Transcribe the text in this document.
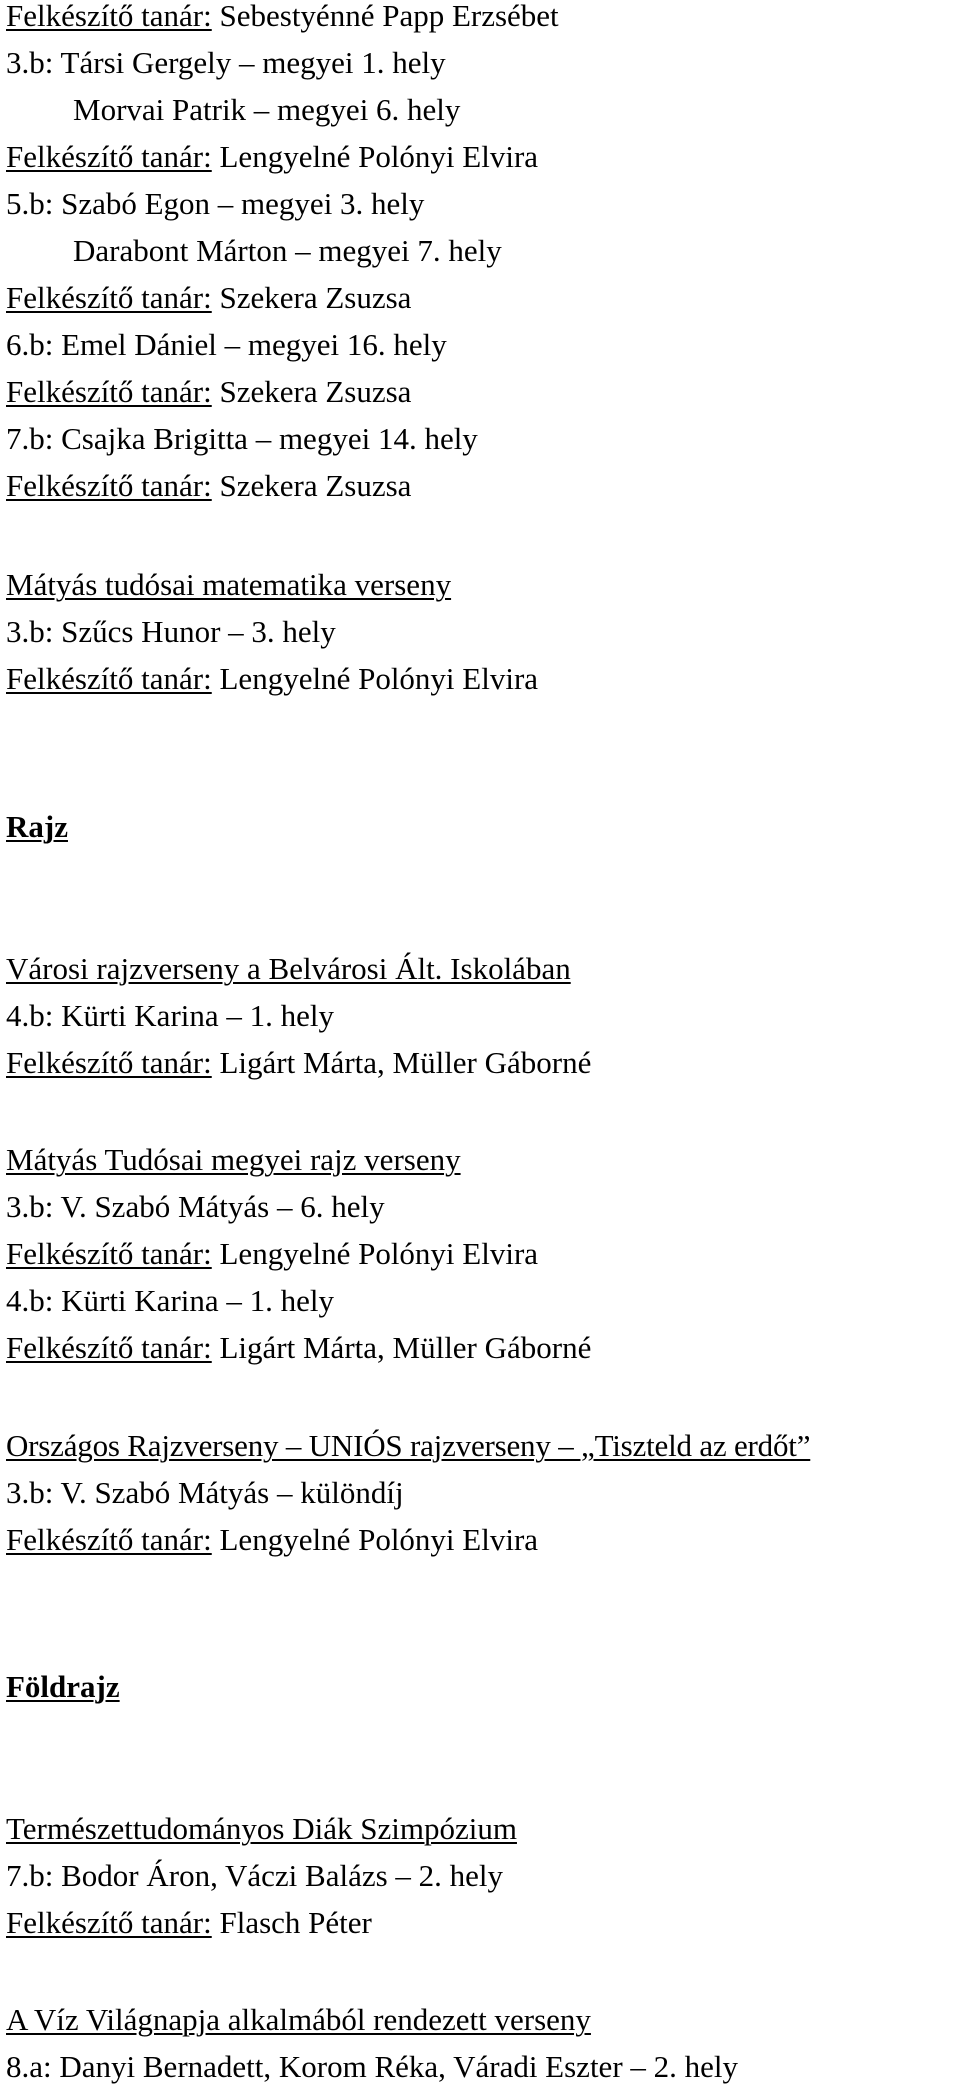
Felkészítő tanár: Sebestyénné Papp Erzsébet
3.b: Társi Gergely – megyei 1. hely
Morvai Patrik – megyei 6. hely
Felkészítő tanár: Lengyelné Polónyi Elvira
5.b: Szabó Egon – megyei 3. hely
Darabont Márton – megyei 7. hely
Felkészítő tanár: Szekera Zsuzsa
6.b: Emel Dániel – megyei 16. hely
Felkészítő tanár: Szekera Zsuzsa
7.b: Csajka Brigitta – megyei 14. hely
Felkészítő tanár: Szekera Zsuzsa
Mátyás tudósai matematika verseny
3.b: Szűcs Hunor – 3. hely
Felkészítő tanár: Lengyelné Polónyi Elvira
Rajz
Városi rajzverseny a Belvárosi Ált. Iskolában
4.b: Kürti Karina – 1. hely
Felkészítő tanár: Ligárt Márta, Müller Gáborné
Mátyás Tudósai megyei rajz verseny
3.b: V. Szabó Mátyás – 6. hely
Felkészítő tanár: Lengyelné Polónyi Elvira
4.b: Kürti Karina – 1. hely
Felkészítő tanár: Ligárt Márta, Müller Gáborné
Országos Rajzverseny – UNIÓS rajzverseny – „Tiszteld az erdőt”
3.b: V. Szabó Mátyás – különdíj
Felkészítő tanár: Lengyelné Polónyi Elvira
Földrajz
Természettudományos Diák Szimpózium
7.b: Bodor Áron, Váczi Balázs – 2. hely
Felkészítő tanár: Flasch Péter
A Víz Világnapja alkalmából rendezett verseny
8.a: Danyi Bernadett, Korom Réka, Váradi Eszter – 2. hely
